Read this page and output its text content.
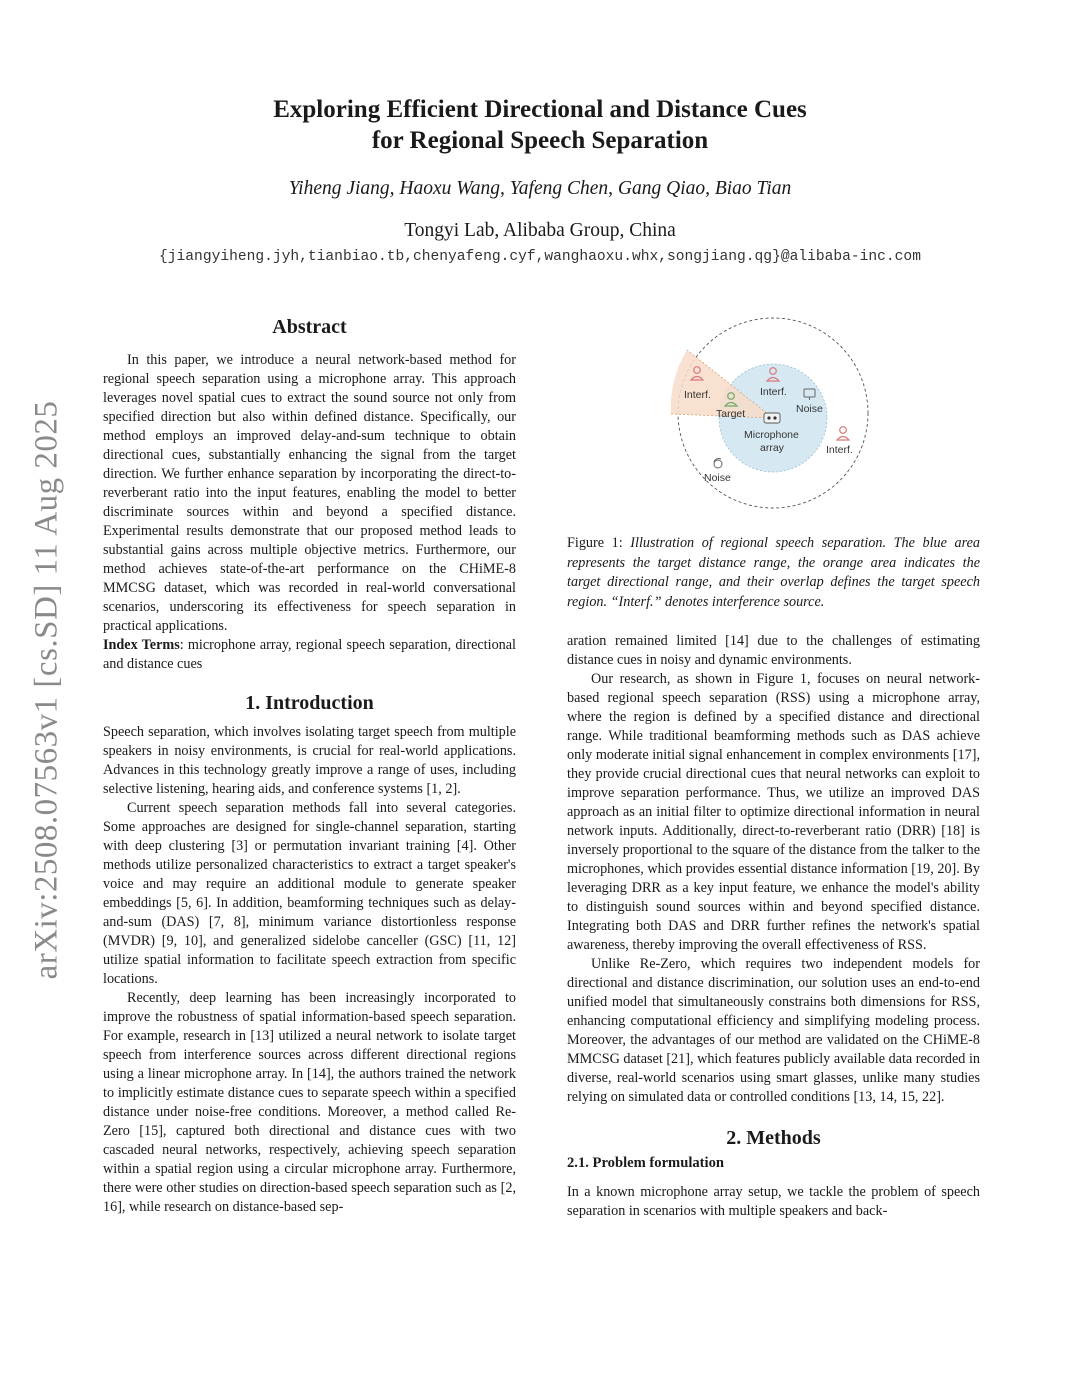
arXiv:2508.07563v1 [cs.SD] 11 Aug 2025
Exploring Efficient Directional and Distance Cues
for Regional Speech Separation
Yiheng Jiang, Haoxu Wang, Yafeng Chen, Gang Qiao, Biao Tian
Tongyi Lab, Alibaba Group, China
{jiangyiheng.jyh,tianbiao.tb,chenyafeng.cyf,wanghaoxu.whx,songjiang.qg}@alibaba-inc.com
Abstract

In this paper, we introduce a neural network-based method for regional speech separation using a microphone array. This approach leverages novel spatial cues to extract the sound source not only from specified direction but also within defined distance. Specifically, our method employs an improved delay-and-sum technique to obtain directional cues, substantially enhancing the signal from the target direction. We further enhance separation by incorporating the direct-to-reverberant ratio into the input features, enabling the model to better discriminate sources within and beyond a specified distance. Experimental results demonstrate that our proposed method leads to substantial gains across multiple objective metrics. Furthermore, our method achieves state-of-the-art performance on the CHiME-8 MMCSG dataset, which was recorded in real-world conversational scenarios, underscoring its effectiveness for speech separation in practical applications.

Index Terms: microphone array, regional speech separation, directional and distance cues

1. Introduction

Speech separation, which involves isolating target speech from multiple speakers in noisy environments, is crucial for real-world applications. Advances in this technology greatly improve a range of uses, including selective listening, hearing aids, and conference systems [1, 2].

Current speech separation methods fall into several categories. Some approaches are designed for single-channel separation, starting with deep clustering [3] or permutation invariant training [4]. Other methods utilize personalized characteristics to extract a target speaker's voice and may require an additional module to generate speaker embeddings [5, 6]. In addition, beamforming techniques such as delay-and-sum (DAS) [7, 8], minimum variance distortionless response (MVDR) [9, 10], and generalized sidelobe canceller (GSC) [11, 12] utilize spatial information to facilitate speech extraction from specific locations.

Recently, deep learning has been increasingly incorporated to improve the robustness of spatial information-based speech separation. For example, research in [13] utilized a neural network to isolate target speech from interference sources across different directional regions using a linear microphone array. In [14], the authors trained the network to implicitly estimate distance cues to separate speech within a specified distance under noise-free conditions. Moreover, a method called Re-Zero [15], captured both directional and distance cues with two cascaded neural networks, respectively, achieving speech separation within a spatial region using a circular microphone array. Furthermore, there were other studies on direction-based speech separation such as [2, 16], while research on distance-based sep-

Interf.	Interf.
Target	Noise
Microphone
array	Interf.
Noise

Figure 1: Illustration of regional speech separation. The blue area represents the target distance range, the orange area indicates the target directional range, and their overlap defines the target speech region. “Interf.” denotes interference source.

aration remained limited [14] due to the challenges of estimating distance cues in noisy and dynamic environments.

Our research, as shown in Figure 1, focuses on neural network-based regional speech separation (RSS) using a microphone array, where the region is defined by a specified distance and directional range. While traditional beamforming methods such as DAS achieve only moderate initial signal enhancement in complex environments [17], they provide crucial directional cues that neural networks can exploit to improve separation performance. Thus, we utilize an improved DAS approach as an initial filter to optimize directional information in neural network inputs. Additionally, direct-to-reverberant ratio (DRR) [18] is inversely proportional to the square of the distance from the talker to the microphones, which provides essential distance information [19, 20]. By leveraging DRR as a key input feature, we enhance the model's ability to distinguish sound sources within and beyond specified distance. Integrating both DAS and DRR further refines the network's spatial awareness, thereby improving the overall effectiveness of RSS.

Unlike Re-Zero, which requires two independent models for directional and distance discrimination, our solution uses an end-to-end unified model that simultaneously constrains both dimensions for RSS, enhancing computational efficiency and simplifying modeling process. Moreover, the advantages of our method are validated on the CHiME-8 MMCSG dataset [21], which features publicly available data recorded in diverse, real-world scenarios using smart glasses, unlike many studies relying on simulated data or controlled conditions [13, 14, 15, 22].

2. Methods
2.1. Problem formulation

In a known microphone array setup, we tackle the problem of speech separation in scenarios with multiple speakers and back-
